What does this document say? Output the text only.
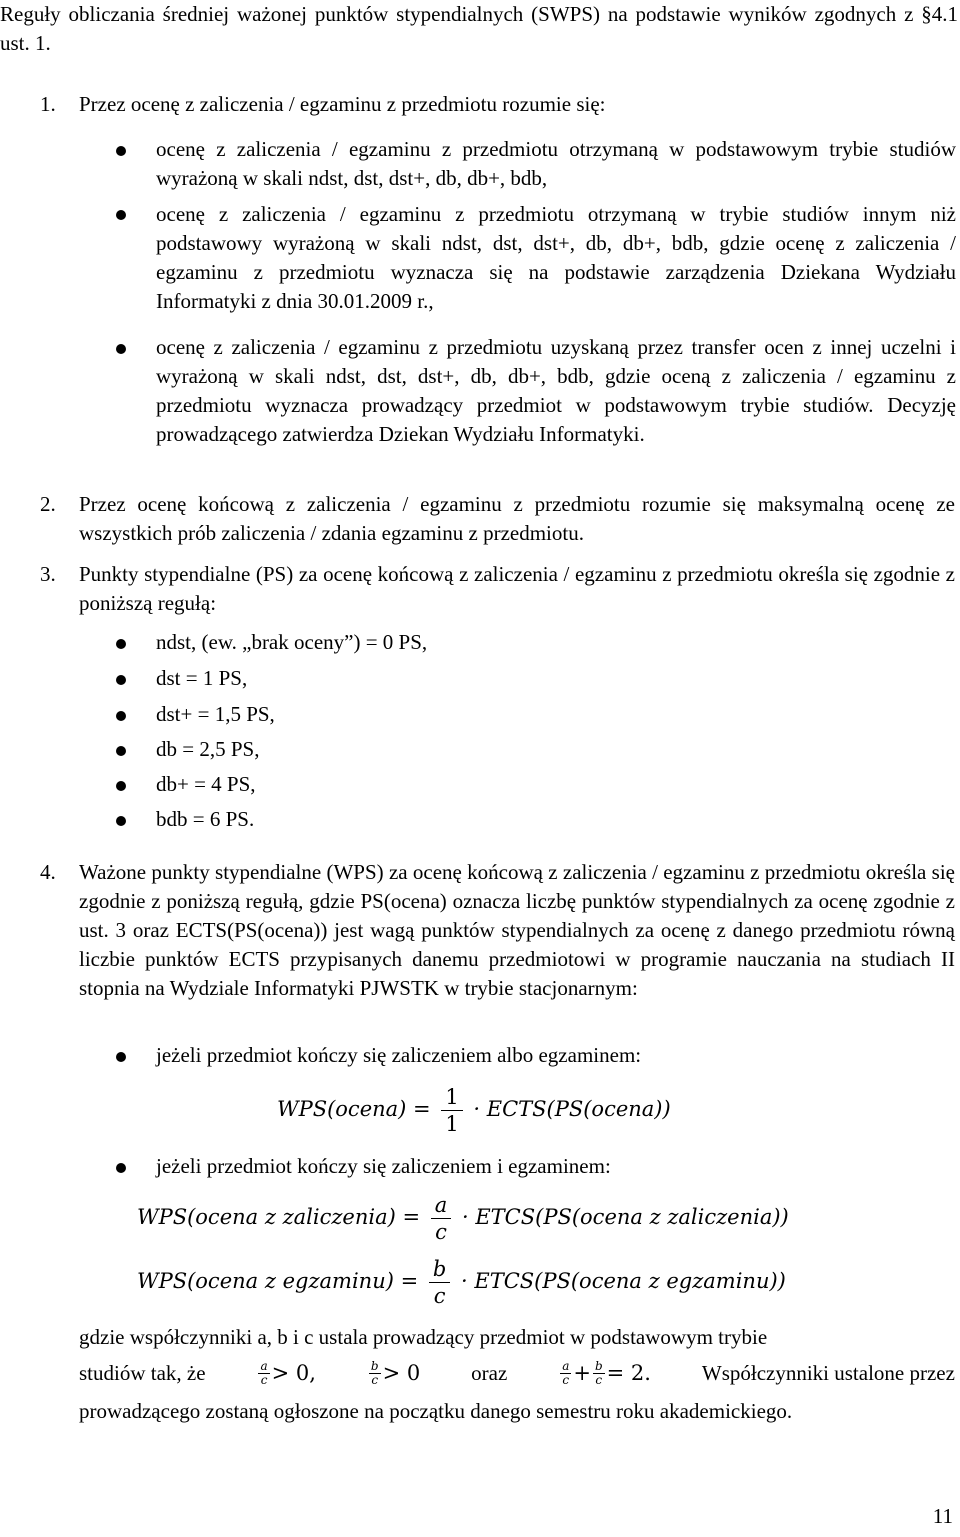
Reguły obliczania średniej ważonej punktów stypendialnych (SWPS) na podstawie wyników zgodnych z §4.1 ust. 1.
1. Przez ocenę z zaliczenia / egzaminu z przedmiotu rozumie się:
ocenę z zaliczenia / egzaminu z przedmiotu otrzymaną w podstawowym trybie studiów wyrażoną w skali ndst, dst, dst+, db, db+, bdb,
ocenę z zaliczenia / egzaminu z przedmiotu otrzymaną w trybie studiów innym niż podstawowy wyrażoną w skali ndst, dst, dst+, db, db+, bdb, gdzie ocenę z zaliczenia / egzaminu z przedmiotu wyznacza się na podstawie zarządzenia Dziekana Wydziału Informatyki z dnia 30.01.2009 r.,
ocenę z zaliczenia / egzaminu z przedmiotu uzyskaną przez transfer ocen z innej uczelni i wyrażoną w skali ndst, dst, dst+, db, db+, bdb, gdzie oceną z zaliczenia / egzaminu z przedmiotu wyznacza prowadzący przedmiot w podstawowym trybie studiów. Decyzję prowadzącego zatwierdza Dziekan Wydziału Informatyki.
2. Przez ocenę końcową z zaliczenia / egzaminu z przedmiotu rozumie się maksymalną ocenę ze wszystkich prób zaliczenia / zdania egzaminu z przedmiotu.
3. Punkty stypendialne (PS) za ocenę końcową z zaliczenia / egzaminu z przedmiotu określa się zgodnie z poniższą regułą:
ndst, (ew. „brak oceny”) = 0 PS,
dst = 1 PS,
dst+ = 1,5 PS,
db = 2,5 PS,
db+ = 4 PS,
bdb = 6 PS.
4. Ważone punkty stypendialne (WPS) za ocenę końcową z zaliczenia / egzaminu z przedmiotu określa się zgodnie z poniższą regułą, gdzie PS(ocena) oznacza liczbę punktów stypendialnych za ocenę zgodnie z ust. 3 oraz ECTS(PS(ocena)) jest wagą punktów stypendialnych za ocenę z danego przedmiotu równą liczbie punktów ECTS przypisanych danemu przedmiotowi w programie nauczania na studiach II stopnia na Wydziale Informatyki PJWSTK w trybie stacjonarnym:
jeżeli przedmiot kończy się zaliczeniem albo egzaminem:
WPS(ocena) = $\frac{1}{1}$ · ECTS(PS(ocena))
jeżeli przedmiot kończy się zaliczeniem i egzaminem:
WPS(ocena z zaliczenia) = $\frac{a}{c}$ · ETCS(PS(ocena z zaliczenia))
WPS(ocena z egzaminu) = $\frac{b}{c}$ · ETCS(PS(ocena z egzaminu))
gdzie współczynniki a, b i c ustala prowadzący przedmiot w podstawowym trybie
studiów tak, że	$\frac{a}{c} > 0$,	$\frac{b}{c} > 0$ oraz	$\frac{a}{c} + \frac{b}{c} = 2$. Współczynniki ustalone przez
prowadzącego zostaną ogłoszone na początku danego semestru roku akademickiego.
11
